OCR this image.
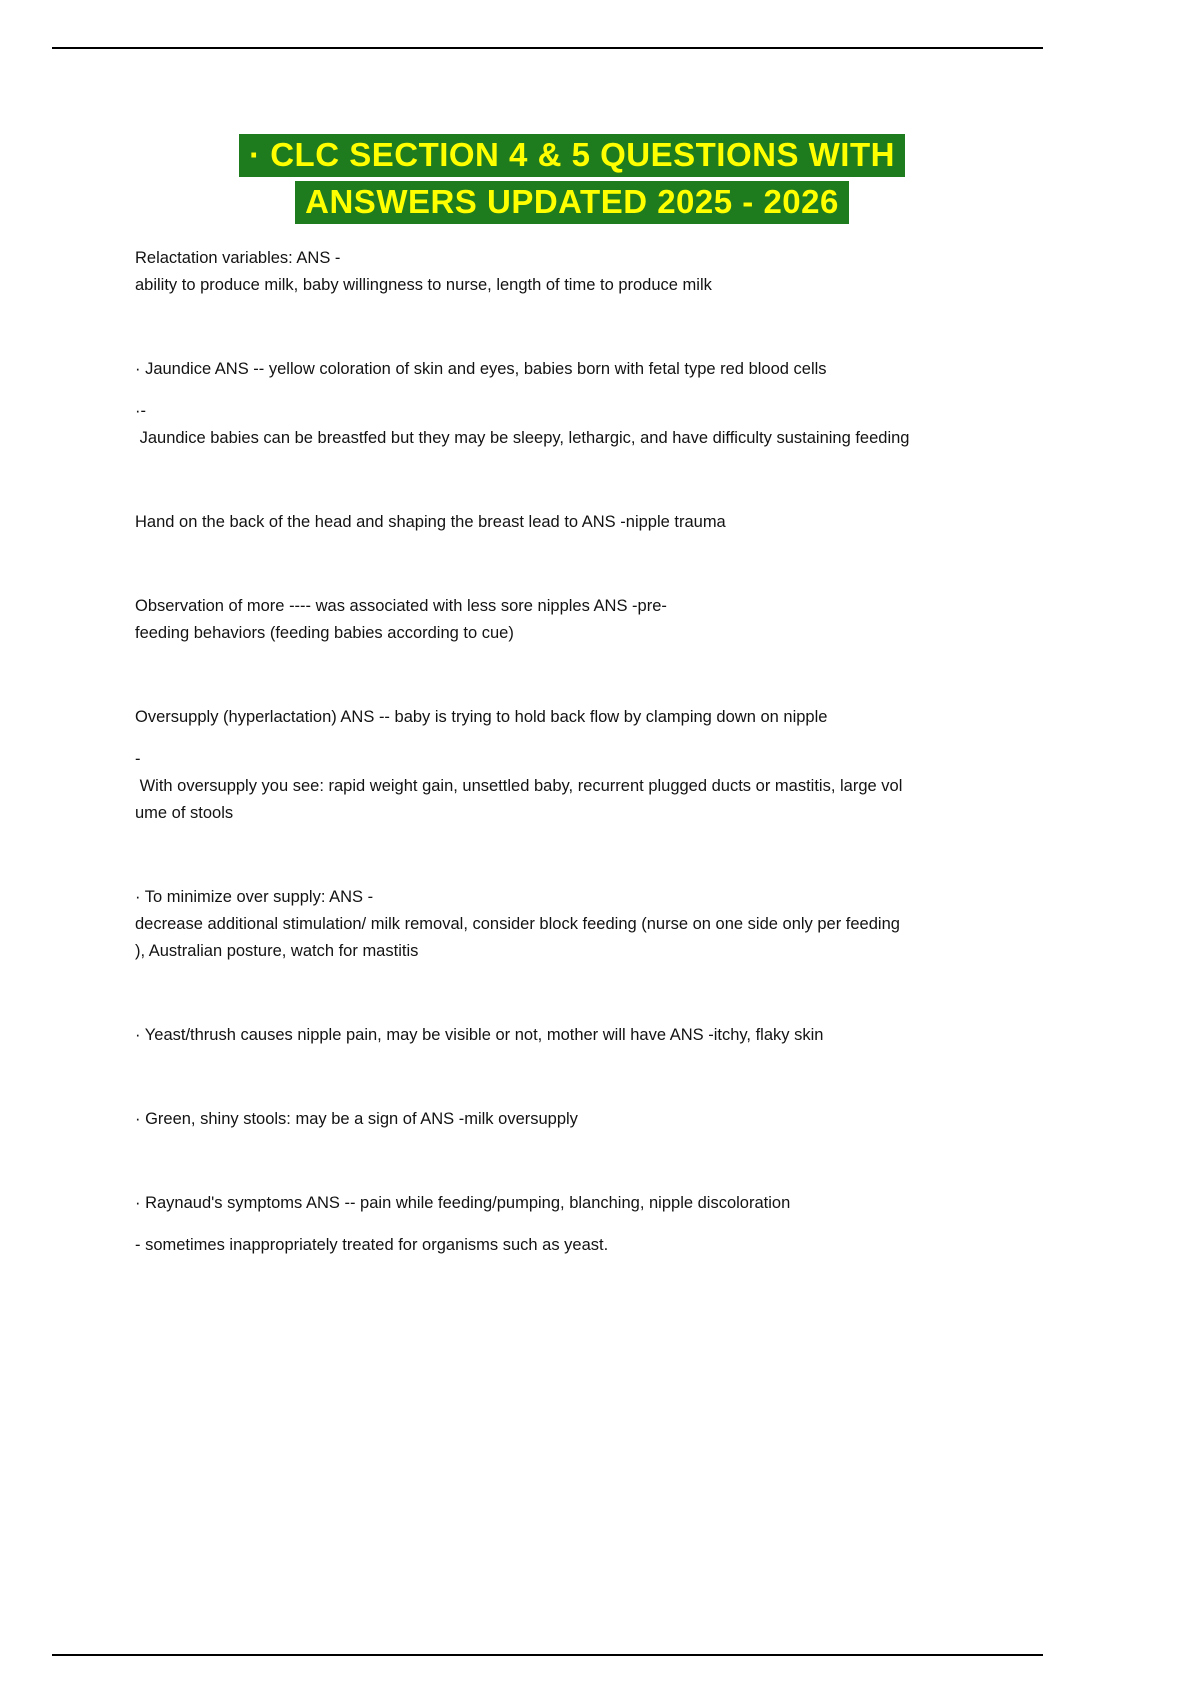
· CLC SECTION 4 & 5 QUESTIONS WITH
ANSWERS UPDATED 2025 - 2026

Relactation variables: ANS -
ability to produce milk, baby willingness to nurse, length of time to produce milk

· Jaundice ANS -- yellow coloration of skin and eyes, babies born with fetal type red blood cells

·-

Jaundice babies can be breastfed but they may be sleepy, lethargic, and have difficulty sustaining feeding

Hand on the back of the head and shaping the breast lead to ANS -nipple trauma

Observation of more ---- was associated with less sore nipples ANS -pre-
feeding behaviors (feeding babies according to cue)

Oversupply (hyperlactation) ANS -- baby is trying to hold back flow by clamping down on nipple

-

With oversupply you see: rapid weight gain, unsettled baby, recurrent plugged ducts or mastitis, large vol
ume of stools

· To minimize over supply: ANS -
decrease additional stimulation/ milk removal, consider block feeding (nurse on one side only per feeding
), Australian posture, watch for mastitis

· Yeast/thrush causes nipple pain, may be visible or not, mother will have ANS -itchy, flaky skin

· Green, shiny stools: may be a sign of ANS -milk oversupply

· Raynaud's symptoms ANS -- pain while feeding/pumping, blanching, nipple discoloration

- sometimes inappropriately treated for organisms such as yeast.
